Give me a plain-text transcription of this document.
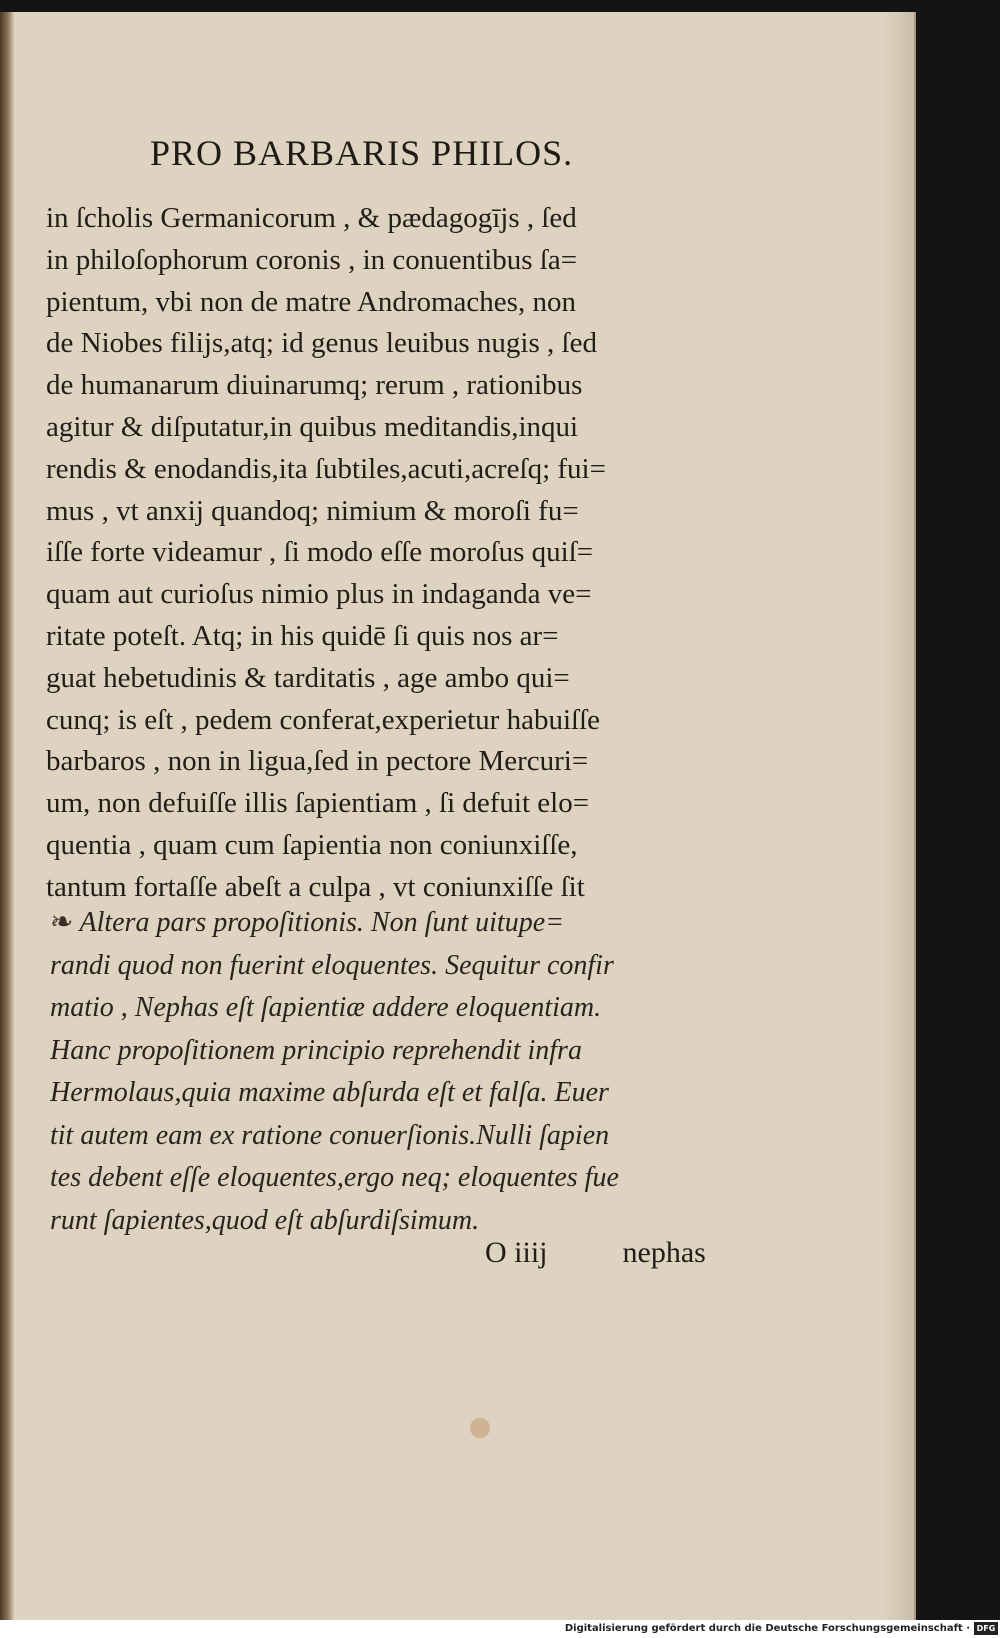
PRO BARBARIS PHILOS.
in ſcholis Germanicorum , & pædagogījs , ſed
in philoſophorum coronis , in conuentibus ſa=
pientum, vbi non de matre Andromaches, non
de Niobes filijs,atq; id genus leuibus nugis , ſed
de humanarum diuinarumq; rerum , rationibus
agitur & diſputatur,in quibus meditandis,inqui
rendis & enodandis,ita ſubtiles,acuti,acreſq; fui=
mus , vt anxij quandoq; nimium & moroſi fu=
iſſe forte videamur , ſi modo eſſe moroſus quiſ=
quam aut curioſus nimio plus in indaganda ve=
ritate poteſt. Atq; in his quidē ſi quis nos ar=
guat hebetudinis & tarditatis , age ambo qui=
cunq; is eſt , pedem conferat,experietur habuiſſe
barbaros , non in ligua,ſed in pectore Mercuri=
um, non defuiſſe illis ſapientiam , ſi defuit elo=
quentia , quam cum ſapientia non coniunxiſſe,
tantum fortaſſe abeſt a culpa , vt coniunxiſſe ſit
❧ Altera pars propoſitionis. Non ſunt uitupe=
randi quod non fuerint eloquentes. Sequitur confir
matio , Nephas eſt ſapientiæ addere eloquentiam.
Hanc propoſitionem principio reprehendit infra
Hermolaus,quia maxime abſurda eſt et falſa. Euer
tit autem eam ex ratione conuerſionis.Nulli ſapien
tes debent eſſe eloquentes,ergo neq; eloquentes fue
runt ſapientes,quod eſt abſurdiſsimum.
O iiij nephas
Digitalisierung gefördert durch die Deutsche Forschungsgemeinschaft · DFG
